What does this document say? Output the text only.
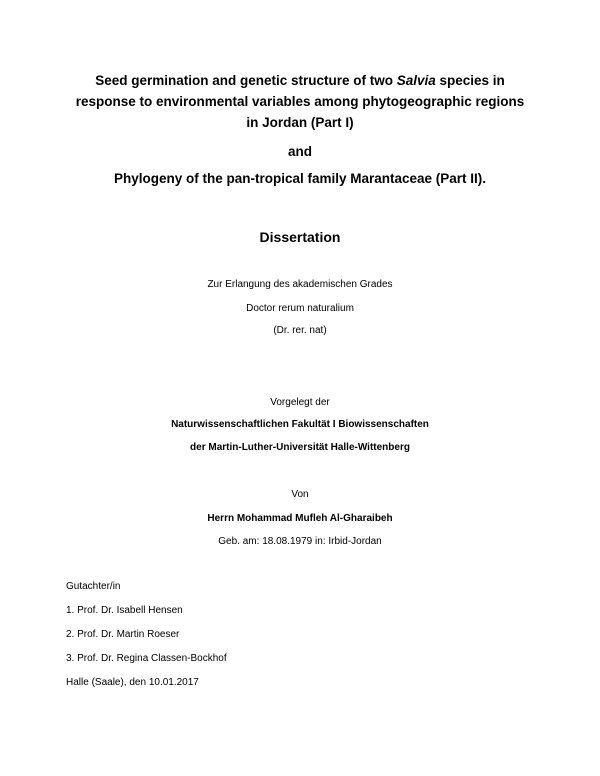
Seed germination and genetic structure of two Salvia species in
response to environmental variables among phytogeographic regions
in Jordan (Part I)
and
Phylogeny of the pan-tropical family Marantaceae (Part II).
Dissertation
Zur Erlangung des akademischen Grades
Doctor rerum naturalium
(Dr. rer. nat)
Vorgelegt der
Naturwissenschaftlichen Fakultät I Biowissenschaften
der Martin-Luther-Universität Halle-Wittenberg
Von
Herrn Mohammad Mufleh Al-Gharaibeh
Geb. am: 18.08.1979 in: Irbid-Jordan
Gutachter/in
1. Prof. Dr. Isabell Hensen
2. Prof. Dr. Martin Roeser
3. Prof. Dr. Regina Classen-Bockhof
Halle (Saale), den 10.01.2017
